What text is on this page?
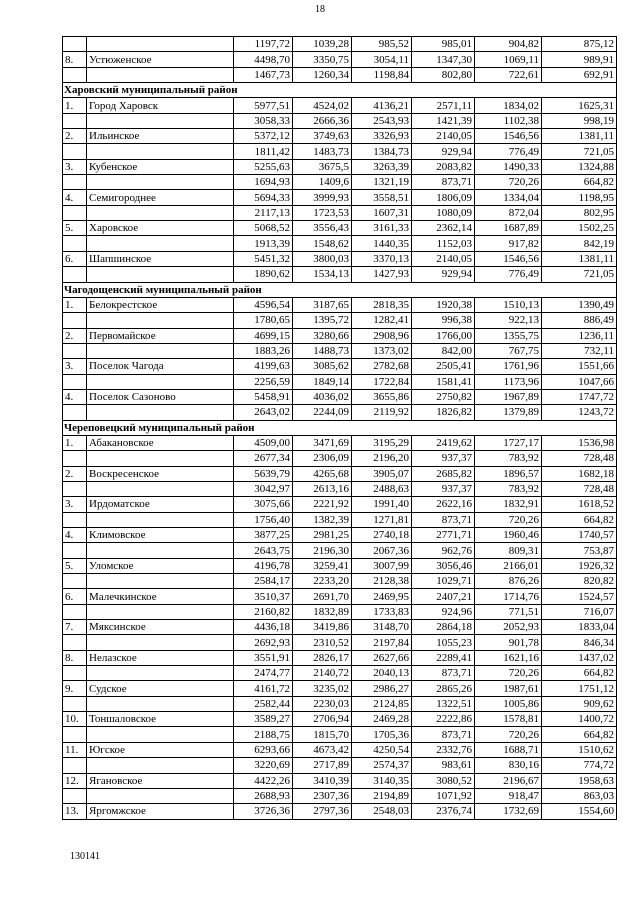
18
		1197,72	1039,28	985,52	985,01	904,82	875,12
8.	Устюженское	4498,70	3350,75	3054,11	1347,30	1069,11	989,91
		1467,73	1260,34	1198,84	802,80	722,61	692,91
Харовский муниципальный район							
1.	Город Харовск	5977,51	4524,02	4136,21	2571,11	1834,02	1625,31
		3058,33	2666,36	2543,93	1421,39	1102,38	998,19
2.	Ильинское	5372,12	3749,63	3326,93	2140,05	1546,56	1381,11
		1811,42	1483,73	1384,73	929,94	776,49	721,05
3.	Кубенское	5255,63	3675,5	3263,39	2083,82	1490,33	1324,88
		1694,93	1409,6	1321,19	873,71	720,26	664,82
4.	Семигороднее	5694,33	3999,93	3558,51	1806,09	1334,04	1198,95
		2117,13	1723,53	1607,31	1080,09	872,04	802,95
5.	Харовское	5068,52	3556,43	3161,33	2362,14	1687,89	1502,25
		1913,39	1548,62	1440,35	1152,03	917,82	842,19
6.	Шапшинское	5451,32	3800,03	3370,13	2140,05	1546,56	1381,11
		1890,62	1534,13	1427,93	929,94	776,49	721,05
Чагодощенский муниципальный район							
1.	Белокрестское	4596,54	3187,65	2818,35	1920,38	1510,13	1390,49
		1780,65	1395,72	1282,41	996,38	922,13	886,49
2.	Первомайское	4699,15	3280,66	2908,96	1766,00	1355,75	1236,11
		1883,26	1488,73	1373,02	842,00	767,75	732,11
3.	Поселок Чагода	4199,63	3085,62	2782,68	2505,41	1761,96	1551,66
		2256,59	1849,14	1722,84	1581,41	1173,96	1047,66
4.	Поселок Сазоново	5458,91	4036,02	3655,86	2750,82	1967,89	1747,72
		2643,02	2244,09	2119,92	1826,82	1379,89	1243,72
Череповецкий муниципальный район							
1.	Абакановское	4509,00	3471,69	3195,29	2419,62	1727,17	1536,98
		2677,34	2306,09	2196,20	937,37	783,92	728,48
2.	Воскресенское	5639,79	4265,68	3905,07	2685,82	1896,57	1682,18
		3042,97	2613,16	2488,63	937,37	783,92	728,48
3.	Ирдоматское	3075,66	2221,92	1991,40	2622,16	1832,91	1618,52
		1756,40	1382,39	1271,81	873,71	720,26	664,82
4.	Климовское	3877,25	2981,25	2740,18	2771,71	1960,46	1740,57
		2643,75	2196,30	2067,36	962,76	809,31	753,87
5.	Уломское	4196,78	3259,41	3007,99	3056,46	2166,01	1926,32
		2584,17	2233,20	2128,38	1029,71	876,26	820,82
6.	Малечкинское	3510,37	2691,70	2469,95	2407,21	1714,76	1524,57
		2160,82	1832,89	1733,83	924,96	771,51	716,07
7.	Мяксинское	4436,18	3419,86	3148,70	2864,18	2052,93	1833,04
		2692,93	2310,52	2197,84	1055,23	901,78	846,34
8.	Нелазское	3551,91	2826,17	2627,66	2289,41	1621,16	1437,02
		2474,77	2140,72	2040,13	873,71	720,26	664,82
9.	Судское	4161,72	3235,02	2986,27	2865,26	1987,61	1751,12
		2582,44	2230,03	2124,85	1322,51	1005,86	909,62
10.	Тоншаловское	3589,27	2706,94	2469,28	2222,86	1578,81	1400,72
		2188,75	1815,70	1705,36	873,71	720,26	664,82
11.	Югское	6293,66	4673,42	4250,54	2332,76	1688,71	1510,62
		3220,69	2717,89	2574,37	983,61	830,16	774,72
12.	Ягановское	4422,26	3410,39	3140,35	3080,52	2196,67	1958,63
		2688,93	2307,36	2194,89	1071,92	918,47	863,03
13.	Яргомжское	3726,36	2797,36	2548,03	2376,74	1732,69	1554,60
130141
